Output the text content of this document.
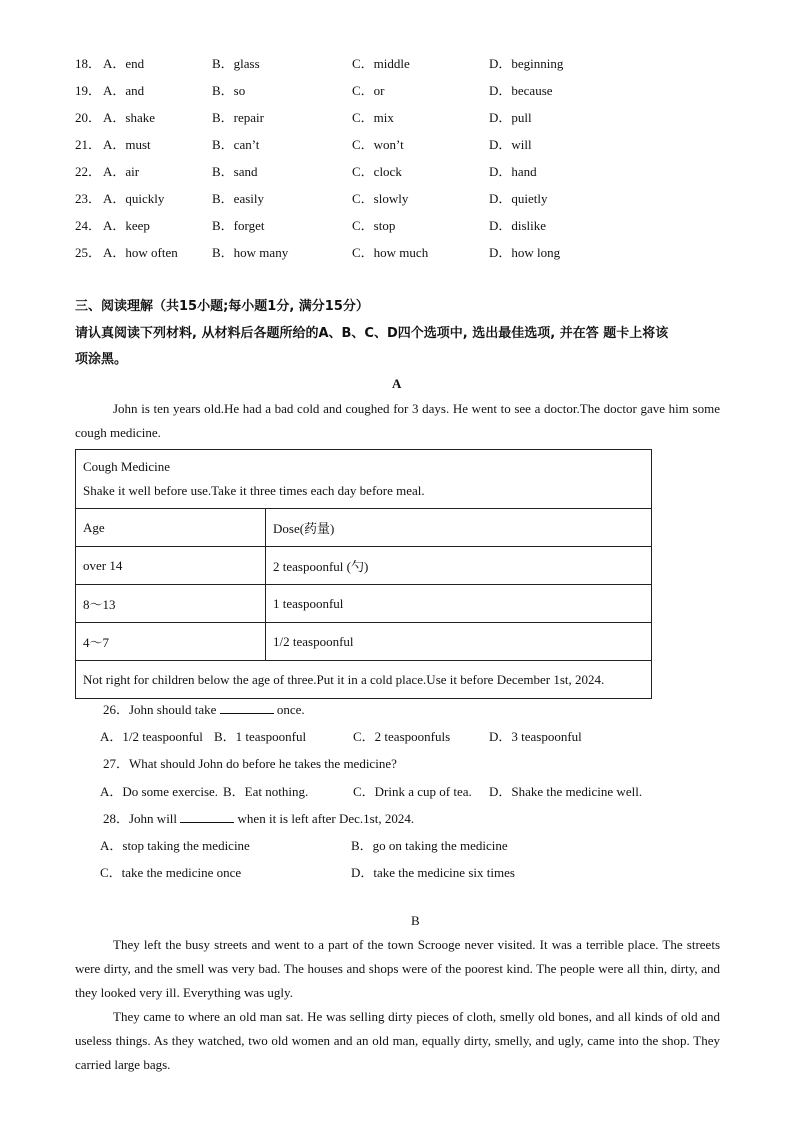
18． A．end	B．glass	C．middle	D．beginning
19． A．and	B．so	C．or	D．because
20． A．shake	B．repair	C．mix	D．pull
21． A．must	B．can’t	C．won’t	D．will
22． A．air	B．sand	C．clock	D．hand
23． A．quickly	B．easily	C．slowly	D．quietly
24． A．keep	B．forget	C．stop	D．dislike
25． A．how often	B．how many	C．how much	D．how long
三、阅读理解（共15小题;每小题1分, 满分15分）
请认真阅读下列材料, 从材料后各题所给的A、B、C、D四个选项中, 选出最佳选项, 并在答 题卡上将该
项涂黑。
A
John is ten years old.He had a bad cold and coughed for 3 days. He went to see a doctor.The doctor gave him some cough medicine.
Cough Medicine
Shake it well before use.Take it three times each day before meal.	

Age	Dose(药量)
over 14	2 teaspoonful (勺)
8～13	1 teaspoonful
4～7	1/2 teaspoonful
Not right for children below the age of three.Put it in a cold place.Use it before December 1st, 2024.	
26．John should take	once.
A．1/2 teaspoonful B．1 teaspoonful	C．2 teaspoonfuls	D．3 teaspoonful
27．What should John do before he takes the medicine?
A．Do some exercise. B．Eat nothing.	C．Drink a cup of tea. D．Shake the medicine well.
28．John will	when it is left after Dec.1st, 2024.
A．stop taking the medicine	B．go on taking the medicine
C．take the medicine once	D．take the medicine six times
B
They left the busy streets and went to a part of the town Scrooge never visited. It was a terrible place. The streets were dirty, and the smell was very bad. The houses and shops were of the poorest kind. The people were all thin, dirty, and they looked very ill. Everything was ugly.
They came to where an old man sat. He was selling dirty pieces of cloth, smelly old bones, and all kinds of old and useless things. As they watched, two old women and an old man, equally dirty, smelly, and ugly, came into the shop. They carried large bags.
